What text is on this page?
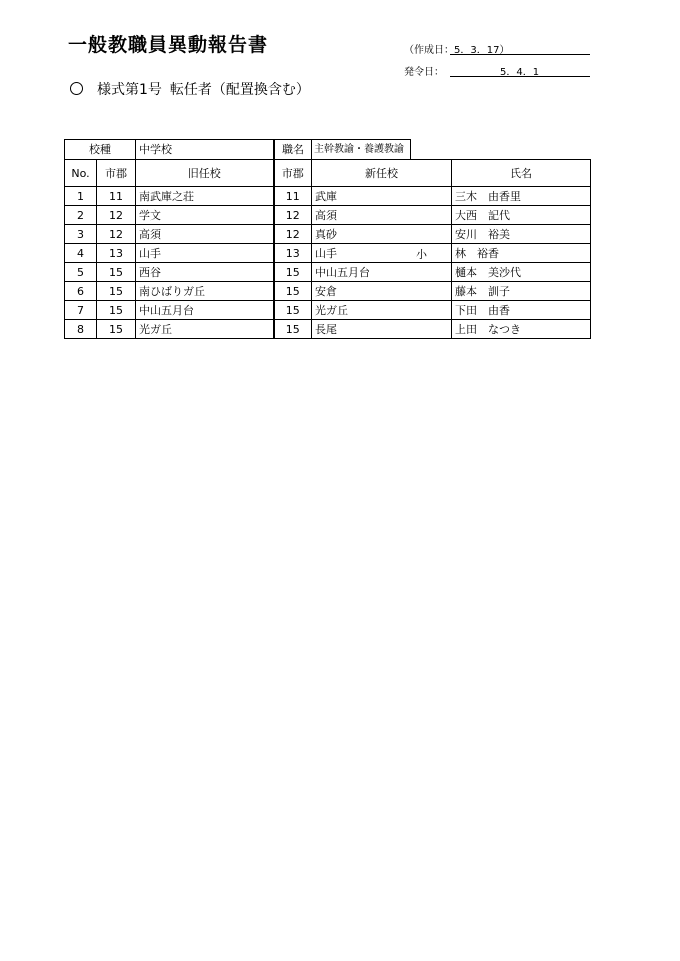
一般教職員異動報告書	（作成日： 5．3．17）
発令日：	5．4．1
様式第1号 転任者（配置換含む）
校種	中学校	職名	主幹教諭・養護教諭
No.	市郡	旧任校	市郡	新任校	氏名
1	11	南武庫之荘	11	武庫	三木　由香里
2	12	学文	12	高須	大西　記代
3	12	高須	12	真砂	安川　裕美
4	13	山手	13	山手 小	林　裕香
5	15	西谷	15	中山五月台	樋本　美沙代
6	15	南ひばりガ丘	15	安倉	藤本　訓子
7	15	中山五月台	15	光ガ丘	下田　由香
8	15	光ガ丘	15	長尾	上田　なつき
